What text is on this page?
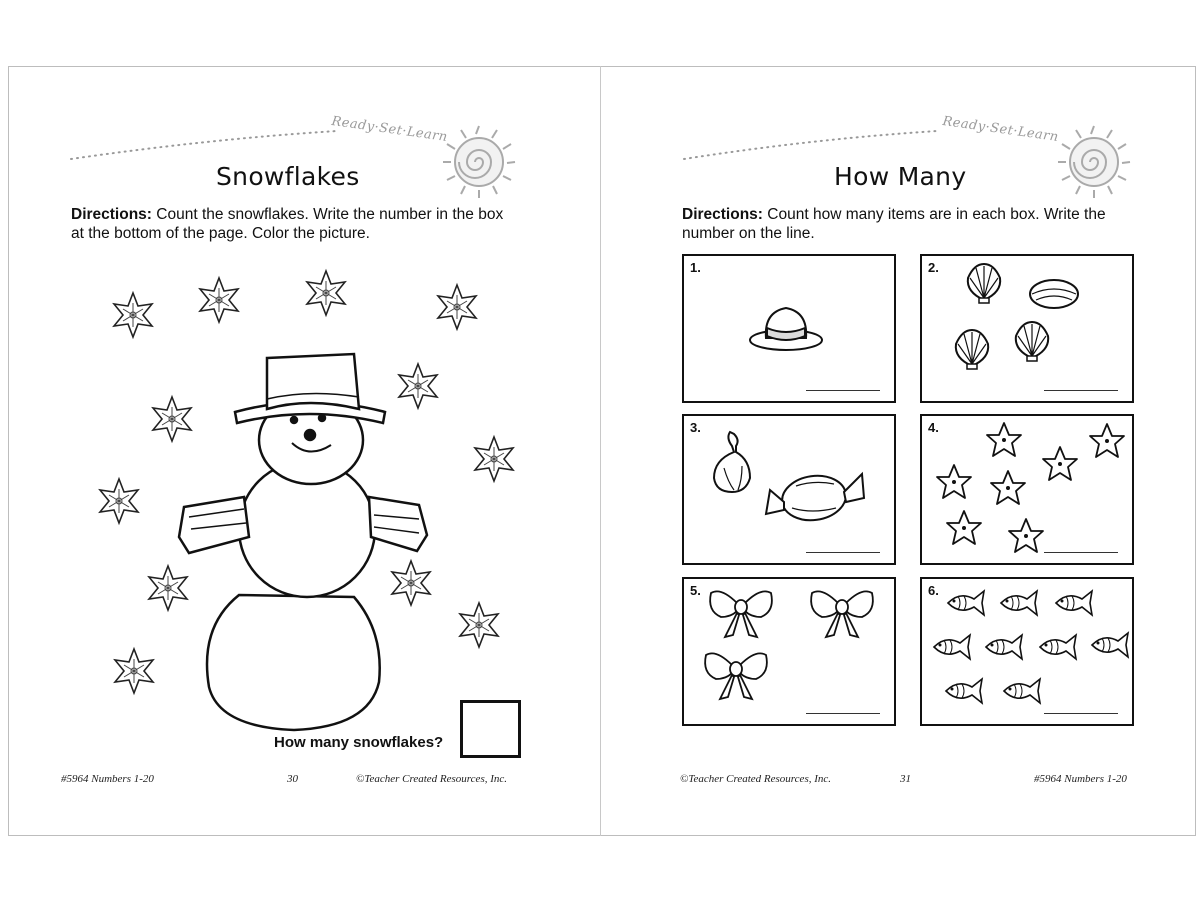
Ready·Set·Learn
Snowflakes
Directions: Count the snowflakes. Write the number in the box at the bottom of the page. Color the picture.
How many snowflakes?
#5964 Numbers 1-20	30	©Teacher Created Resources, Inc.
Ready·Set·Learn
How Many
Directions: Count how many items are in each box. Write the number on the line.
1.	2.
3.	4.
5.	6.
©Teacher Created Resources, Inc.	31	#5964 Numbers 1-20
